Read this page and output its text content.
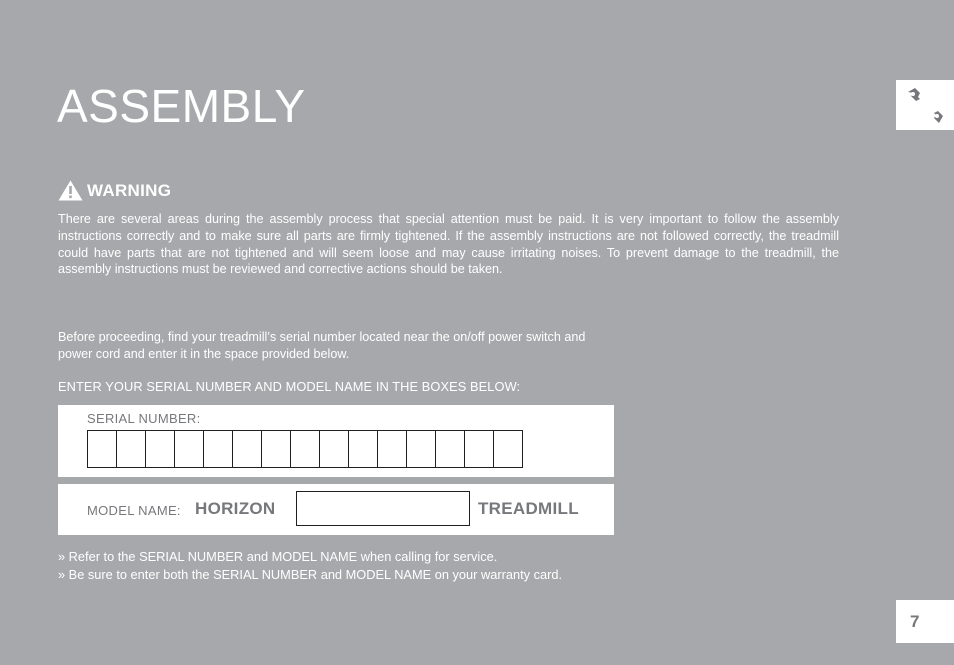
ASSEMBLY
WARNING

There are several areas during the assembly process that special attention must be paid. It is very important to follow the assembly instructions correctly and to make sure all parts are firmly tightened. If the assembly instructions are not followed correctly, the treadmill could have parts that are not tightened and will seem loose and may cause irritating noises. To prevent damage to the treadmill, the assembly instructions must be reviewed and corrective actions should be taken.

Before proceeding, find your treadmill’s serial number located near the on/off power switch and power cord and enter it in the space provided below.

ENTER YOUR SERIAL NUMBER AND MODEL NAME IN THE BOXES BELOW:
SERIAL NUMBER:
MODEL NAME: HORIZON	TREADMILL
» Refer to the SERIAL NUMBER and MODEL NAME when calling for service.
» Be sure to enter both the SERIAL NUMBER and MODEL NAME on your warranty card.
7
